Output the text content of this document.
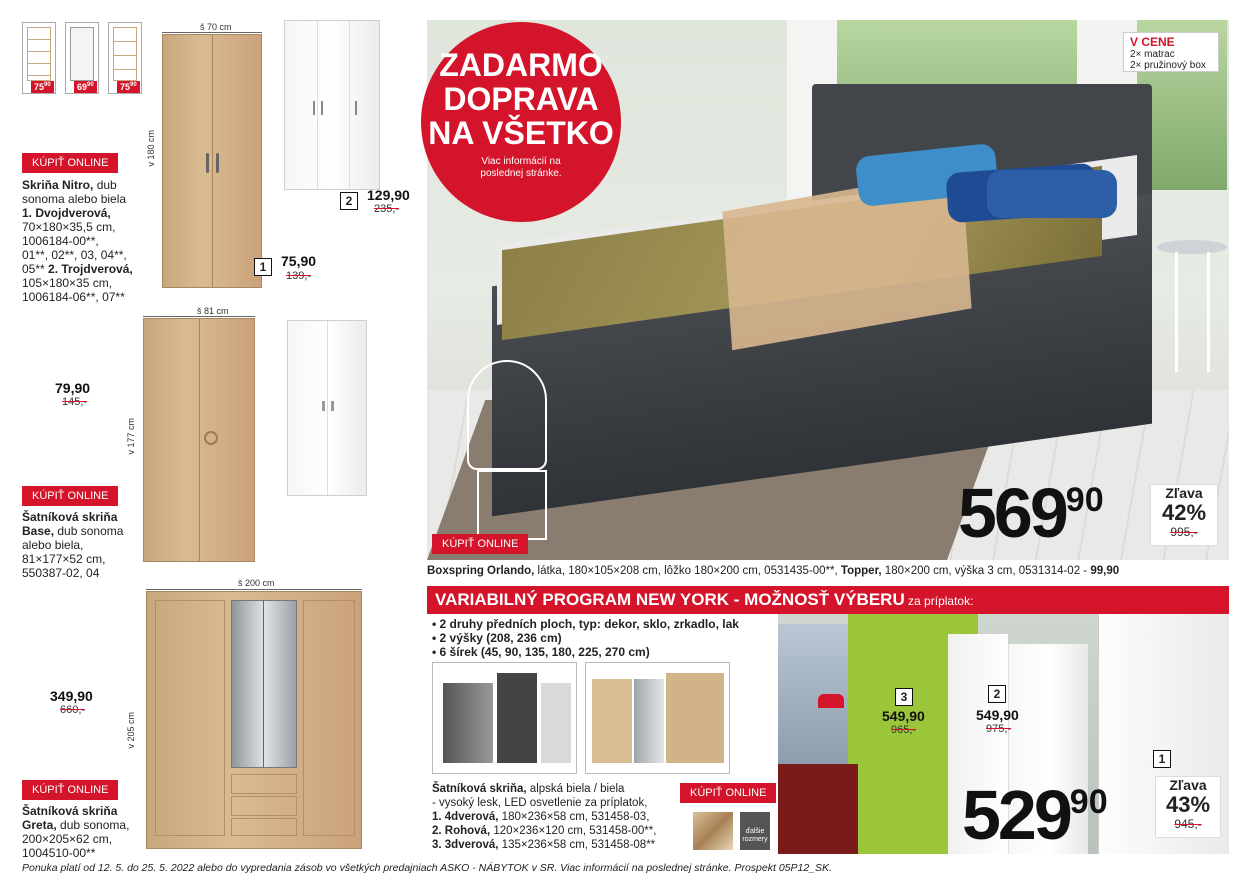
$75^{90}$	$69^{90}$	$75^{90}$
š 70 cm
v 180 cm
KÚPIŤ ONLINE
Skriňa Nitro, dub sonoma alebo biela
1. Dvojdverová,
70×180×35,5 cm,
1006184-00**,
01**, 02**, 03, 04**,
05** 2. Trojdverová,
105×180×35 cm,
1006184-06**, 07**
1	75,90
139,-
2	129,90
235,-
š 81 cm
v 177 cm
79,90
145,-
KÚPIŤ ONLINE
Šatníková skriňa Base, dub sonoma alebo biela,
81×177×52 cm,
550387-02, 04
š 200 cm
v 205 cm
349,90
660,-
KÚPIŤ ONLINE
Šatníková skriňa Greta, dub sonoma,
200×205×62 cm,
1004510-00**
ZADARMO
DOPRAVA
NA VŠETKO
Viac informácií na poslednej stránke.
V CENE
2× matrac
2× pružinový box
56990	Zľava
42%
995,-
KÚPIŤ ONLINE
Boxspring Orlando, látka, 180×105×208 cm, lôžko 180×200 cm, 0531435-00**, Topper, 180×200 cm, výška 3 cm, 0531314-02 - 99,90
VARIABILNÝ PROGRAM NEW YORK - MOŽNOSŤ VÝBERU za príplatok:
• 2 druhy předních ploch, typ: dekor, sklo, zrkadlo, lak
• 2 výšky (208, 236 cm)
• 6 šírek (45, 90, 135, 180, 225, 270 cm)
Šatníková skriňa, alpská biela / biela
- vysoký lesk, LED osvetlenie za príplatok,
1. 4dverová, 180×236×58 cm, 531458-03,
2. Rohová, 120×236×120 cm, 531458-00**,
3. 3dverová, 135×236×58 cm, 531458-08**
KÚPIŤ ONLINE
ďalšie
rozmery
3
549,90
965,-
2
549,90
975,-
1
52990	Zľava
43%
945,-
Ponuka platí od 12. 5. do 25. 5. 2022 alebo do vypredania zásob vo všetkých predajniach ASKO - NÁBYTOK v SR. Viac informácií na poslednej stránke. Prospekt 05P12_SK.
